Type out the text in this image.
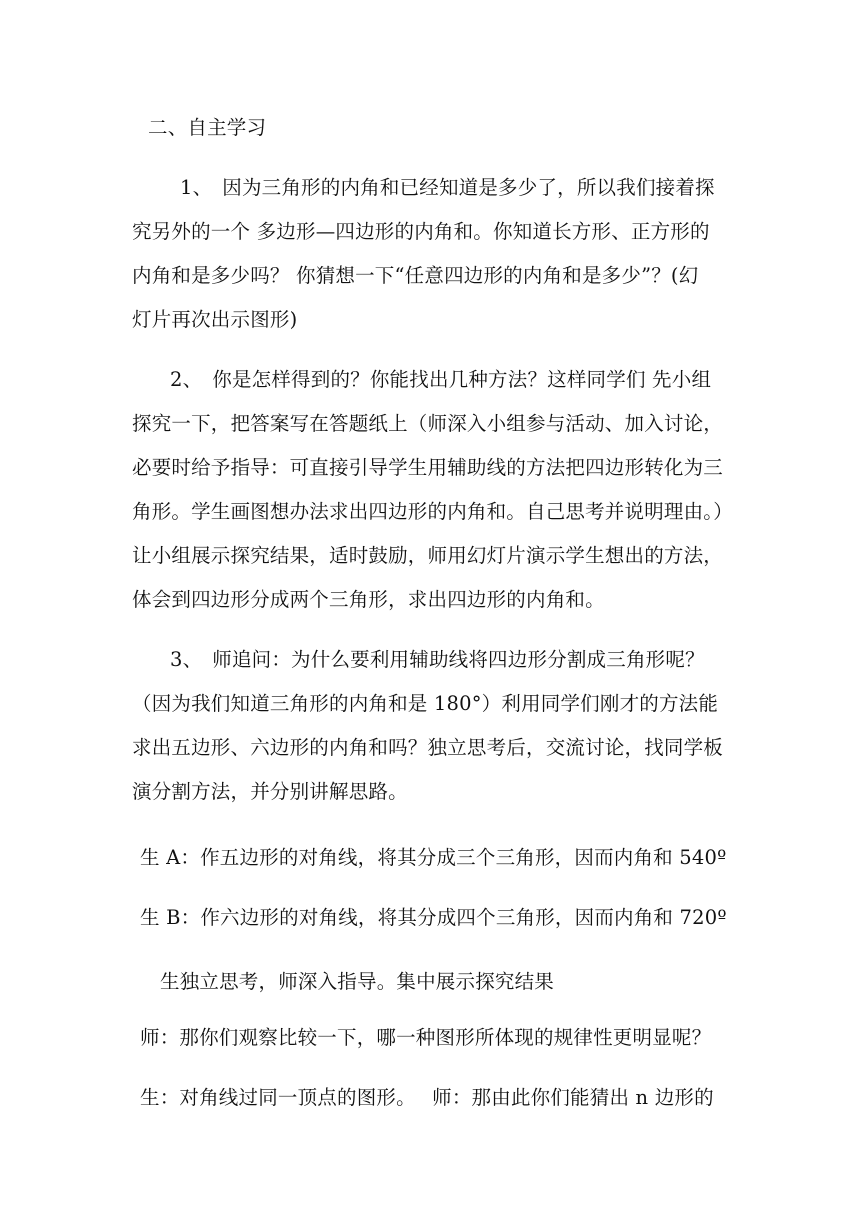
二、自主学习
1、　因为三角形的内角和已经知道是多少了，所以我们接着探
究另外的一个 多边形—四边形的内角和。你知道长方形、正方形的
内角和是多少吗？ 你猜想一下“任意四边形的内角和是多少”？(幻
灯片再次出示图形)
2、　你是怎样得到的？你能找出几种方法？这样同学们 先小组
探究一下，把答案写在答题纸上（师深入小组参与活动、加入讨论，
必要时给予指导：可直接引导学生用辅助线的方法把四边形转化为三
角形。学生画图想办法求出四边形的内角和。自己思考并说明理由。）
让小组展示探究结果，适时鼓励，师用幻灯片演示学生想出的方法，
体会到四边形分成两个三角形，求出四边形的内角和。
3、　师追问：为什么要利用辅助线将四边形分割成三角形呢？
（因为我们知道三角形的内角和是 180°）利用同学们刚才的方法能
求出五边形、六边形的内角和吗？独立思考后，交流讨论，找同学板
演分割方法，并分别讲解思路。
生 A：作五边形的对角线，将其分成三个三角形，因而内角和 540º
生 B：作六边形的对角线，将其分成四个三角形，因而内角和 720º
生独立思考，师深入指导。集中展示探究结果
师：那你们观察比较一下，哪一种图形所体现的规律性更明显呢？
生：对角线过同一顶点的图形。　 师：那由此你们能猜出 n 边形的
